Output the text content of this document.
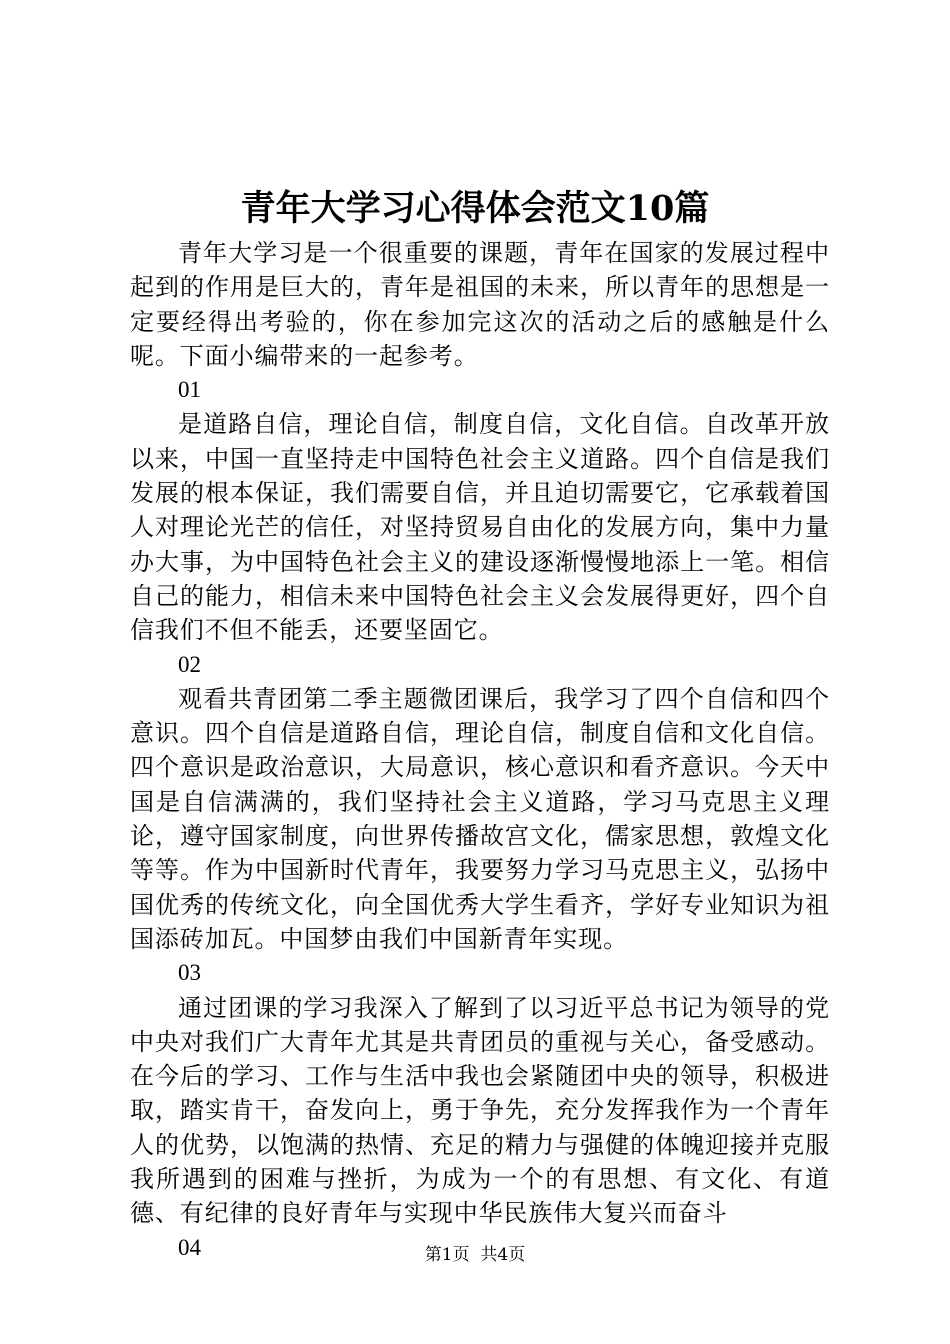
青年大学习心得体会范文10篇

青年大学习是一个很重要的课题，青年在国家的发展过程中起到的作用是巨大的，青年是祖国的未来，所以青年的思想是一定要经得出考验的，你在参加完这次的活动之后的感触是什么呢。下面小编带来的一起参考。

01

是道路自信，理论自信，制度自信，文化自信。自改革开放以来，中国一直坚持走中国特色社会主义道路。四个自信是我们发展的根本保证，我们需要自信，并且迫切需要它，它承载着国人对理论光芒的信任，对坚持贸易自由化的发展方向，集中力量办大事，为中国特色社会主义的建设逐渐慢慢地添上一笔。相信自己的能力，相信未来中国特色社会主义会发展得更好，四个自信我们不但不能丢，还要坚固它。

02

观看共青团第二季主题微团课后，我学习了四个自信和四个意识。四个自信是道路自信，理论自信，制度自信和文化自信。四个意识是政治意识，大局意识，核心意识和看齐意识。今天中国是自信满满的，我们坚持社会主义道路，学习马克思主义理论，遵守国家制度，向世界传播故宫文化，儒家思想，敦煌文化等等。作为中国新时代青年，我要努力学习马克思主义，弘扬中国优秀的传统文化，向全国优秀大学生看齐，学好专业知识为祖国添砖加瓦。中国梦由我们中国新青年实现。

03

通过团课的学习我深入了解到了以习近平总书记为领导的党中央对我们广大青年尤其是共青团员的重视与关心，备受感动。在今后的学习、工作与生活中我也会紧随团中央的领导，积极进取，踏实肯干，奋发向上，勇于争先，充分发挥我作为一个青年人的优势，以饱满的热情、充足的精力与强健的体魄迎接并克服我所遇到的困难与挫折，为成为一个的有思想、有文化、有道德、有纪律的良好青年与实现中华民族伟大复兴而奋斗

04	第1页 共4页
